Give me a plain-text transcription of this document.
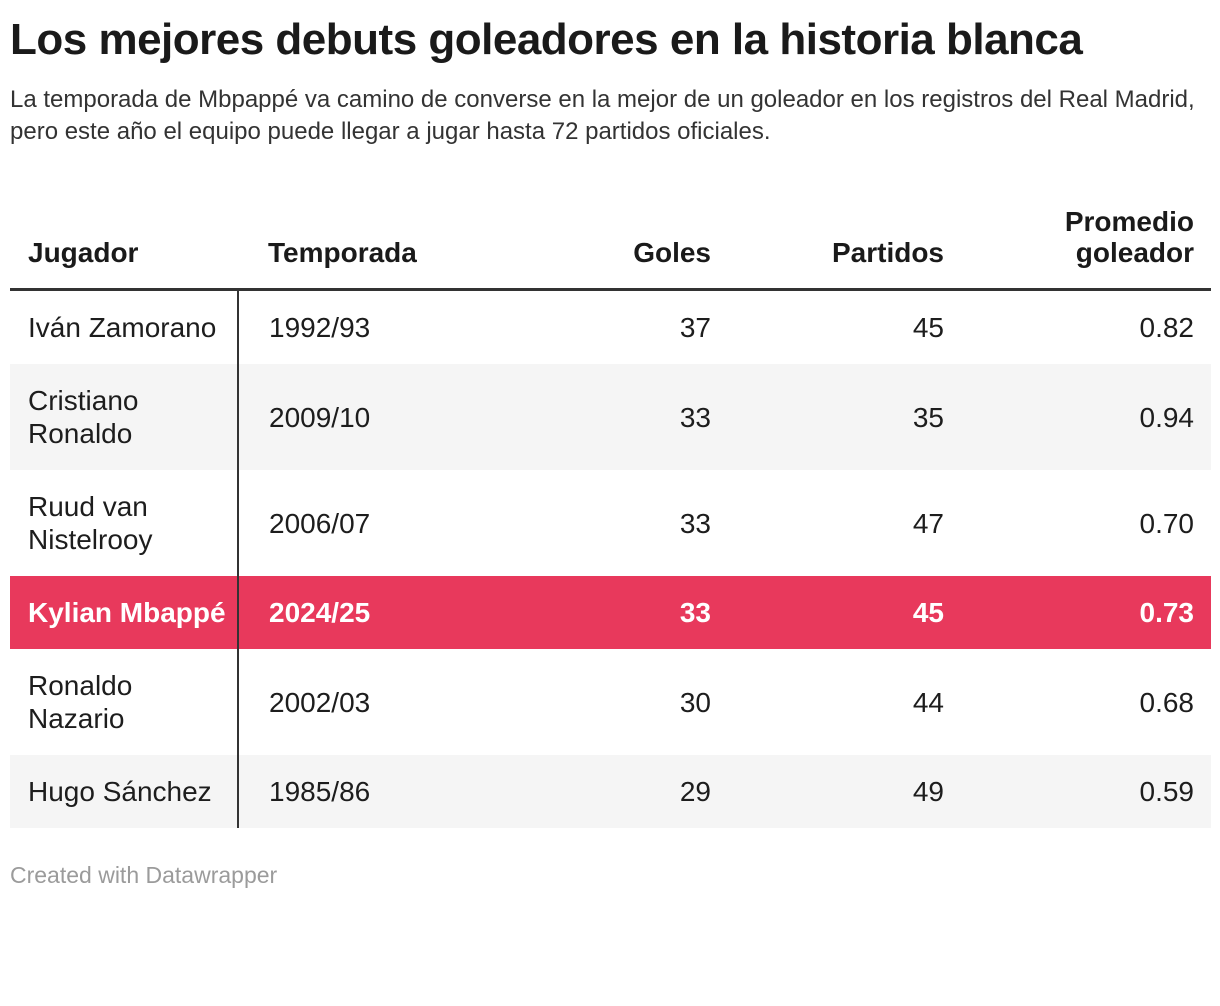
Los mejores debuts goleadores en la historia blanca

La temporada de Mbpappé va camino de converse en la mejor de un goleador en los registros del Real Madrid, pero este año el equipo puede llegar a jugar hasta 72 partidos oficiales.

Jugador	Temporada	Goles	Partidos	Promedio goleador
Iván Zamorano	1992/93	37	45	0.82
Cristiano Ronaldo	2009/10	33	35	0.94
Ruud van Nistelrooy	2006/07	33	47	0.70
Kylian Mbappé	2024/25	33	45	0.73
Ronaldo Nazario	2002/03	30	44	0.68
Hugo Sánchez	1985/86	29	49	0.59
Created with Datawrapper
